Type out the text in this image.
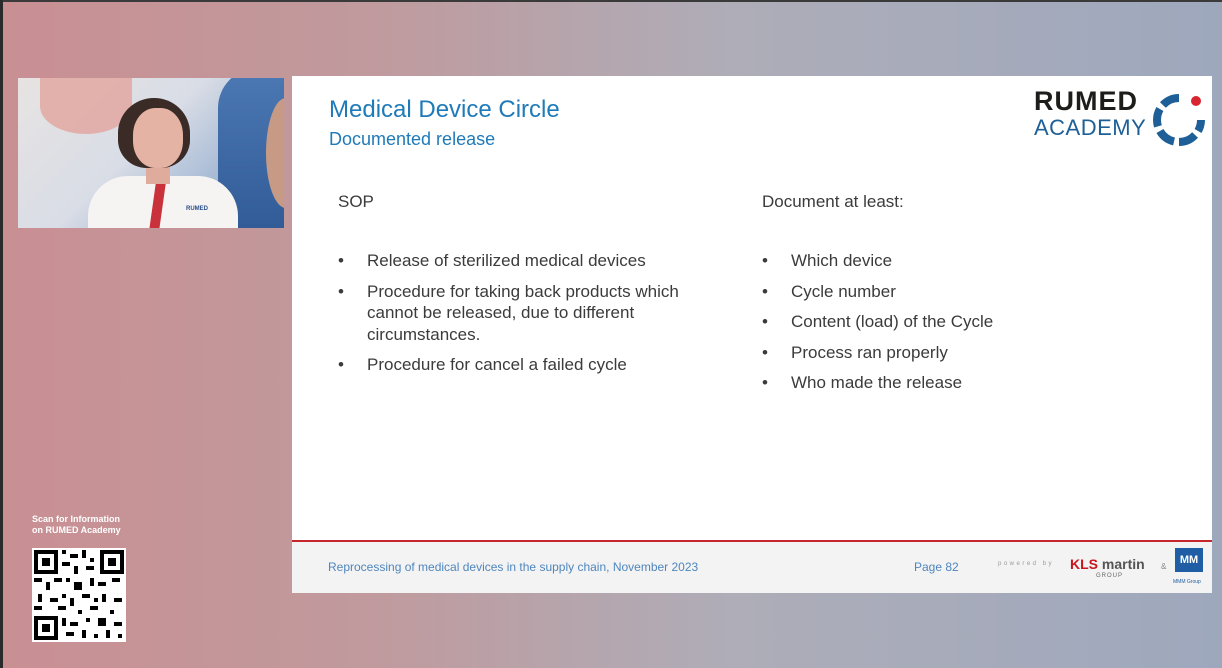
RUMED
Scan for Information
on RUMED Academy
Medical Device Circle
Documented release
RUMED
ACADEMY
SOP
• Release of sterilized medical devices
• Procedure for taking back products which cannot be released, due to different circumstances.
• Procedure for cancel a failed cycle
Document at least:
• Which device
• Cycle number
• Content (load) of the Cycle
• Process ran properly
• Who made the release
Reprocessing of medical devices in the supply chain, November 2023	Page 82	powered by KLS martin
GROUP
&
MM
MMM Group
